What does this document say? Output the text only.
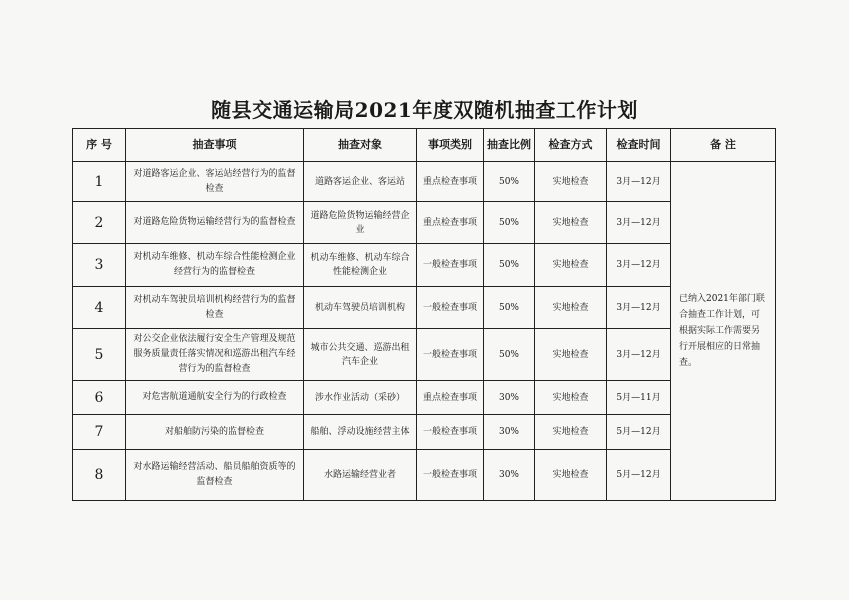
随县交通运输局2021年度双随机抽查工作计划
序 号	抽查事项	抽查对象	事项类别	抽查比例	检查方式	检查时间	备 注
1	对道路客运企业、客运站经营行为的监督检查	道路客运企业、客运站	重点检查事项	50%	实地检查	3月—12月	已纳入2021年部门联合抽查工作计划，可根据实际工作需要另行开展相应的日常抽查。
2	对道路危险货物运输经营行为的监督检查	道路危险货物运输经营企业	重点检查事项	50%	实地检查	3月—12月	
3	对机动车维修、机动车综合性能检测企业经营行为的监督检查	机动车维修、机动车综合性能检测企业	一般检查事项	50%	实地检查	3月—12月	
4	对机动车驾驶员培训机构经营行为的监督检查	机动车驾驶员培训机构	一般检查事项	50%	实地检查	3月—12月	
5	对公交企业依法履行安全生产管理及规范服务质量责任落实情况和巡游出租汽车经营行为的监督检查	城市公共交通、巡游出租汽车企业	一般检查事项	50%	实地检查	3月—12月	
6	对危害航道通航安全行为的行政检查	涉水作业活动（采砂）	重点检查事项	30%	实地检查	5月—11月	
7	对船舶防污染的监督检查	船舶、浮动设施经营主体	一般检查事项	30%	实地检查	5月—12月	
8	对水路运输经营活动、船员船舶资质等的监督检查	水路运输经营业者	一般检查事项	30%	实地检查	5月—12月	
